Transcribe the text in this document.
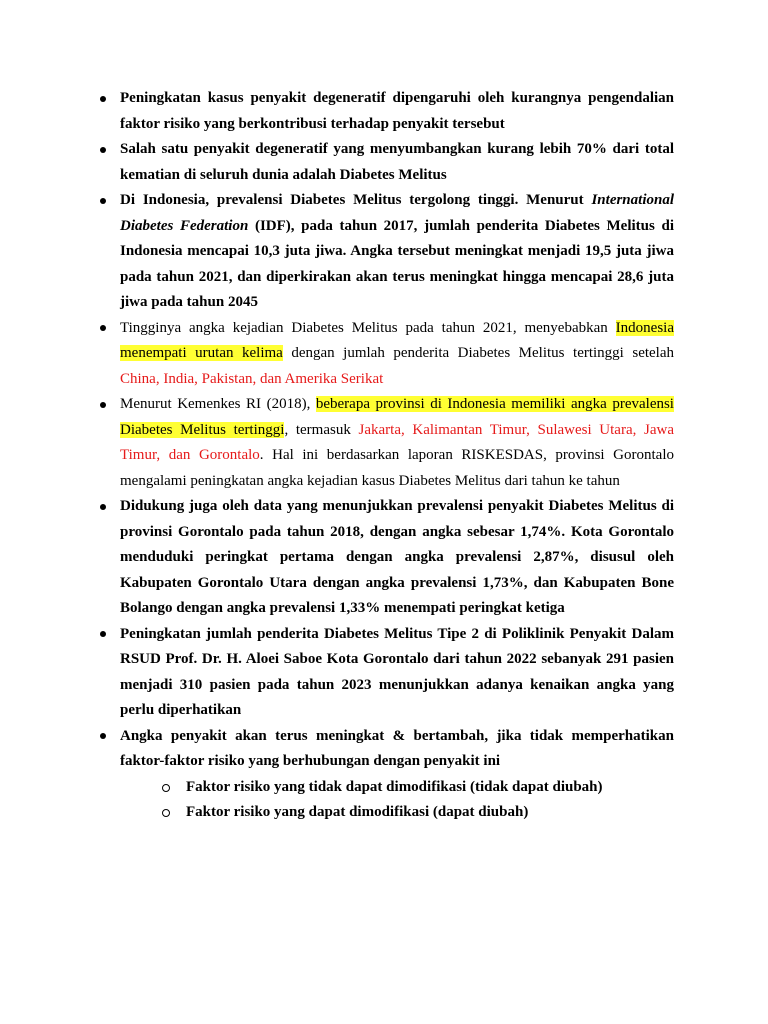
Peningkatan kasus penyakit degeneratif dipengaruhi oleh kurangnya pengendalian faktor risiko yang berkontribusi terhadap penyakit tersebut
Salah satu penyakit degeneratif yang menyumbangkan kurang lebih 70% dari total kematian di seluruh dunia adalah Diabetes Melitus
Di Indonesia, prevalensi Diabetes Melitus tergolong tinggi. Menurut International Diabetes Federation (IDF), pada tahun 2017, jumlah penderita Diabetes Melitus di Indonesia mencapai 10,3 juta jiwa. Angka tersebut meningkat menjadi 19,5 juta jiwa pada tahun 2021, dan diperkirakan akan terus meningkat hingga mencapai 28,6 juta jiwa pada tahun 2045
Tingginya angka kejadian Diabetes Melitus pada tahun 2021, menyebabkan Indonesia menempati urutan kelima dengan jumlah penderita Diabetes Melitus tertinggi setelah China, India, Pakistan, dan Amerika Serikat
Menurut Kemenkes RI (2018), beberapa provinsi di Indonesia memiliki angka prevalensi Diabetes Melitus tertinggi, termasuk Jakarta, Kalimantan Timur, Sulawesi Utara, Jawa Timur, dan Gorontalo. Hal ini berdasarkan laporan RISKESDAS, provinsi Gorontalo mengalami peningkatan angka kejadian kasus Diabetes Melitus dari tahun ke tahun
Didukung juga oleh data yang menunjukkan prevalensi penyakit Diabetes Melitus di provinsi Gorontalo pada tahun 2018, dengan angka sebesar 1,74%. Kota Gorontalo menduduki peringkat pertama dengan angka prevalensi 2,87%, disusul oleh Kabupaten Gorontalo Utara dengan angka prevalensi 1,73%, dan Kabupaten Bone Bolango dengan angka prevalensi 1,33% menempati peringkat ketiga
Peningkatan jumlah penderita Diabetes Melitus Tipe 2 di Poliklinik Penyakit Dalam RSUD Prof. Dr. H. Aloei Saboe Kota Gorontalo dari tahun 2022 sebanyak 291 pasien menjadi 310 pasien pada tahun 2023 menunjukkan adanya kenaikan angka yang perlu diperhatikan
Angka penyakit akan terus meningkat & bertambah, jika tidak memperhatikan faktor-faktor risiko yang berhubungan dengan penyakit ini
Faktor risiko yang tidak dapat dimodifikasi (tidak dapat diubah)
Faktor risiko yang dapat dimodifikasi (dapat diubah)
